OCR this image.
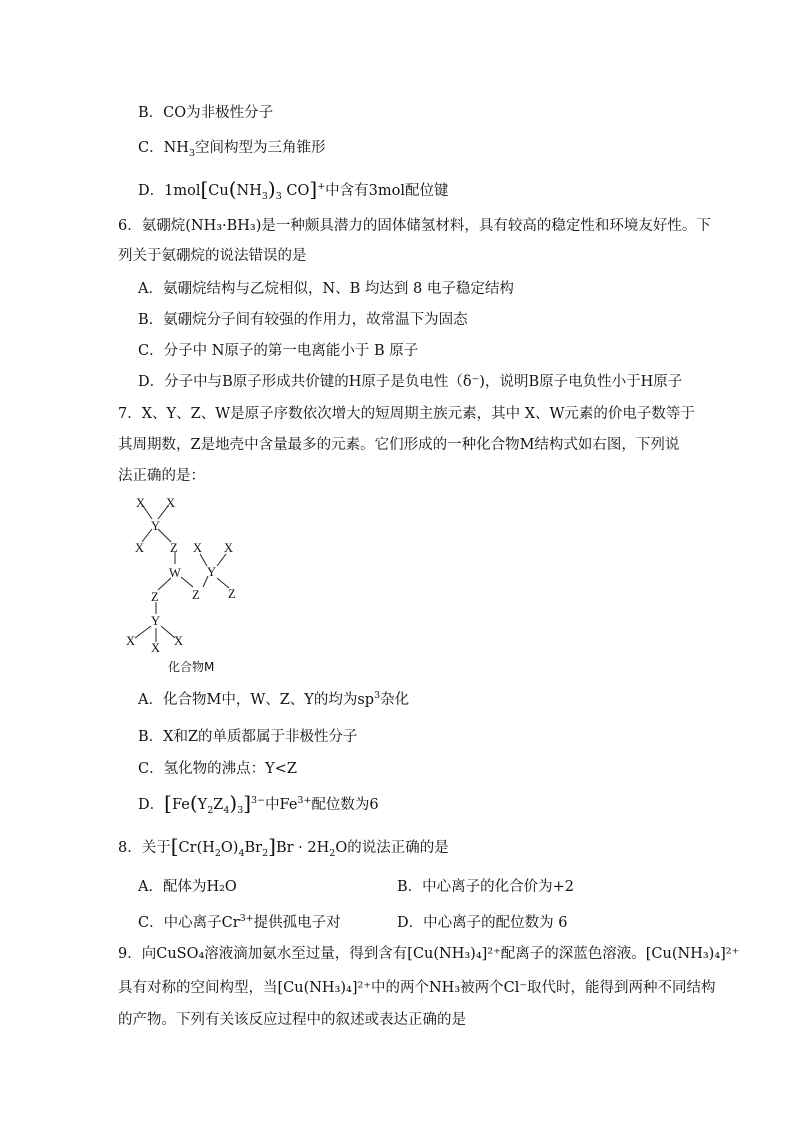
B．CO为非极性分子
C．$NH_3$空间构型为三角锥形
D．$1mol[Cu(NH_3)_3$ CO]+中含有3mol配位键
6．氨硼烷(NH₃·BH₃)是一种颇具潜力的固体储氢材料，具有较高的稳定性和环境友好性。下
列关于氨硼烷的说法错误的是
A．氨硼烷结构与乙烷相似，N、B 均达到 8 电子稳定结构
B．氨硼烷分子间有较强的作用力，故常温下为固态
C．分子中 N原子的第一电离能小于 B 原子
D．分子中与B原子形成共价键的H原子是负电性（δ⁻)，说明B原子电负性小于H原子
7．X、Y、Z、W是原子序数依次增大的短周期主族元素，其中 X、W元素的价电子数等于
其周期数，Z是地壳中含量最多的元素。它们形成的一种化合物M结构式如右图，下列说
法正确的是：
X X
Y
X Z X X
Y
W
Z	Z Z
Y
X X X
化合物M
A．化合物M中，W、Z、Y的均为$sp^3$杂化
B．X和Z的单质都属于非极性分子
C．氢化物的沸点：Y<Z
D．$[Fe(Y_2Z_4)_3]^{3-}$中$Fe^{3+}$配位数为6
8．关于$[Cr(H_2O)_4Br_2]Br \cdot 2H_2O$的说法正确的是
A．配体为H₂O	B．中心离子的化合价为+2
C．中心离子$Cr^{3+}$提供孤电子对	D．中心离子的配位数为 6
9．向CuSO₄溶液滴加氨水至过量，得到含有[Cu(NH₃)₄]²⁺配离子的深蓝色溶液。[Cu(NH₃)₄]²⁺
具有对称的空间构型，当[Cu(NH₃)₄]²⁺中的两个NH₃被两个Cl⁻取代时，能得到两种不同结构
的产物。下列有关该反应过程中的叙述或表达正确的是
